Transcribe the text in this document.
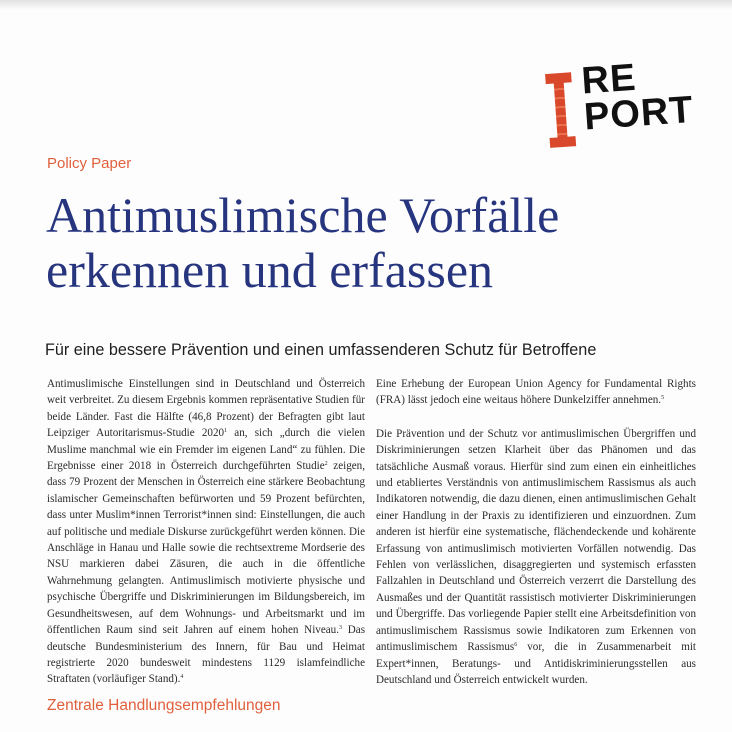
RE
PORT

Policy Paper

Antimuslimische Vorfälle
erkennen und erfassen

Für eine bessere Prävention und einen umfassenderen Schutz für Betroffene

Antimuslimische Einstellungen sind in Deutschland und Österreich weit verbreitet. Zu diesem Ergebnis kommen repräsentative Studien für beide Länder. Fast die Hälfte (46,8 Prozent) der Befragten gibt laut Leipziger Autoritarismus-Studie 2020$^1$ an, sich „durch die vielen Muslime manchmal wie ein Fremder im eigenen Land“ zu fühlen. Die Ergebnisse einer 2018 in Österreich durchgeführten Studie$^2$ zeigen, dass 79 Prozent der Menschen in Österreich eine stärkere Beobachtung islamischer Gemeinschaften befürworten und 59 Prozent befürchten, dass unter Muslim*innen Terrorist*innen sind: Einstellungen, die auch auf politische und mediale Diskurse zurückgeführt werden können. Die Anschläge in Hanau und Halle sowie die rechtsextreme Mordserie des NSU markieren dabei Zäsuren, die auch in die öffentliche Wahrnehmung gelangten. Antimuslimisch motivierte physische und psychische Übergriffe und Diskriminierungen im Bildungsbereich, im Gesundheitswesen, auf dem Wohnungs- und Arbeitsmarkt und im öffentlichen Raum sind seit Jahren auf einem hohen Niveau.$^3$ Das deutsche Bundesministerium des Innern, für Bau und Heimat registrierte 2020 bundesweit mindestens 1129 islamfeindliche Straftaten (vorläufiger Stand).$^4$

Eine Erhebung der European Union Agency for Fundamental Rights (FRA) lässt jedoch eine weitaus höhere Dunkelziffer annehmen.$^5$

Die Prävention und der Schutz vor antimuslimischen Übergriffen und Diskriminierungen setzen Klarheit über das Phänomen und das tatsächliche Ausmaß voraus. Hierfür sind zum einen ein einheitliches und etabliertes Verständnis von antimuslimischem Rassismus als auch Indikatoren notwendig, die dazu dienen, einen antimuslimischen Gehalt einer Handlung in der Praxis zu identifizieren und einzuordnen. Zum anderen ist hierfür eine systematische, flächendeckende und kohärente Erfassung von antimuslimisch motivierten Vorfällen notwendig. Das Fehlen von verlässlichen, disaggregierten und systemisch erfassten Fallzahlen in Deutschland und Österreich verzerrt die Darstellung des Ausmaßes und der Quantität rassistisch motivierter Diskriminierungen und Übergriffe. Das vorliegende Papier stellt eine Arbeitsdefinition von antimuslimischem Rassismus sowie Indikatoren zum Erkennen von antimuslimischem Rassismus$^6$ vor, die in Zusammenarbeit mit Expert*innen, Beratungs- und Antidiskriminierungsstellen aus Deutschland und Österreich entwickelt wurden.

Zentrale Handlungsempfehlungen
